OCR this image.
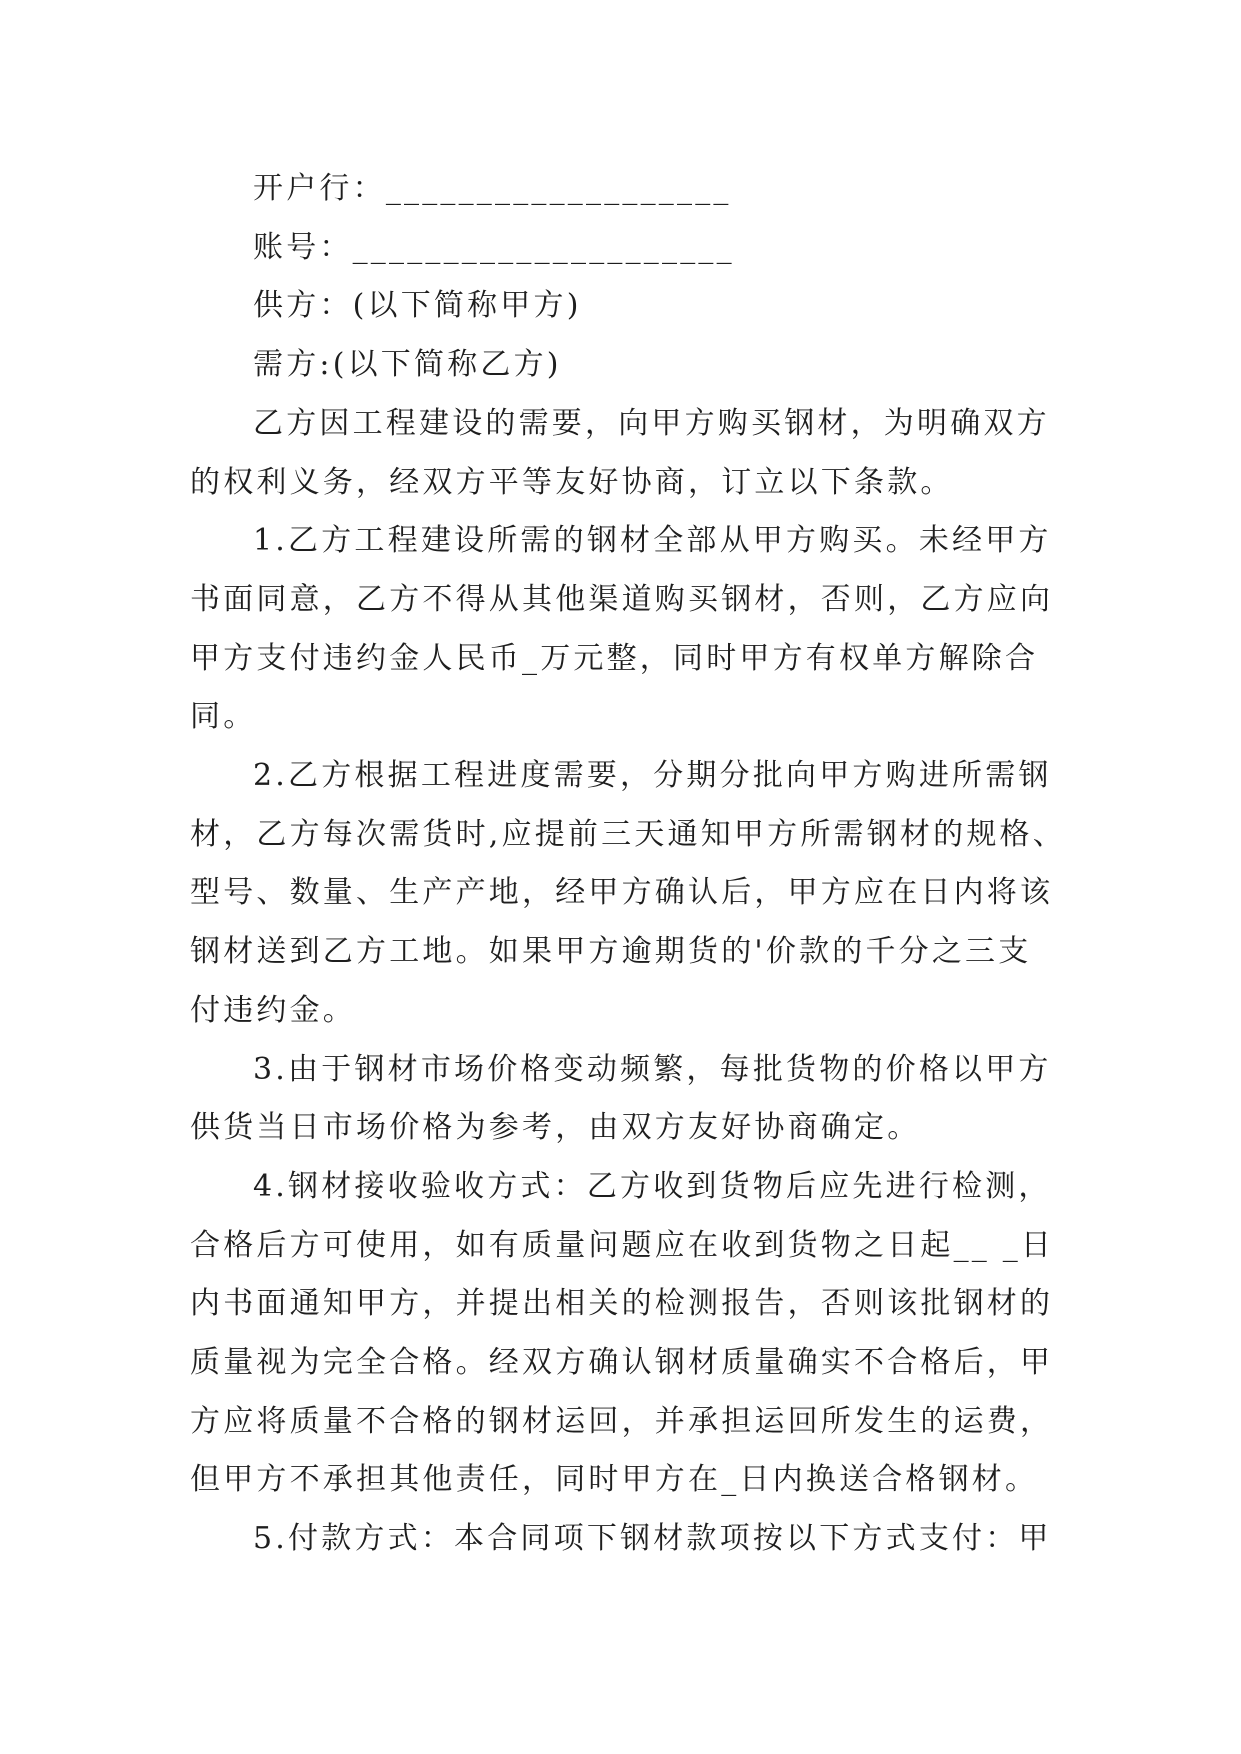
开户行：___________________
账号：_____________________
供方：(以下简称甲方)
需方:(以下简称乙方)
乙方因工程建设的需要，向甲方购买钢材，为明确双方
的权利义务，经双方平等友好协商，订立以下条款。
1.乙方工程建设所需的钢材全部从甲方购买。未经甲方
书面同意，乙方不得从其他渠道购买钢材，否则，乙方应向
甲方支付违约金人民币_万元整，同时甲方有权单方解除合
同。
2.乙方根据工程进度需要，分期分批向甲方购进所需钢
材，乙方每次需货时,应提前三天通知甲方所需钢材的规格、
型号、数量、生产产地，经甲方确认后，甲方应在日内将该
钢材送到乙方工地。如果甲方逾期货的'价款的千分之三支
付违约金。
3.由于钢材市场价格变动频繁，每批货物的价格以甲方
供货当日市场价格为参考，由双方友好协商确定。
4.钢材接收验收方式：乙方收到货物后应先进行检测，
合格后方可使用，如有质量问题应在收到货物之日起__ _日
内书面通知甲方，并提出相关的检测报告，否则该批钢材的
质量视为完全合格。经双方确认钢材质量确实不合格后，甲
方应将质量不合格的钢材运回，并承担运回所发生的运费，
但甲方不承担其他责任，同时甲方在_日内换送合格钢材。
5.付款方式：本合同项下钢材款项按以下方式支付：甲
